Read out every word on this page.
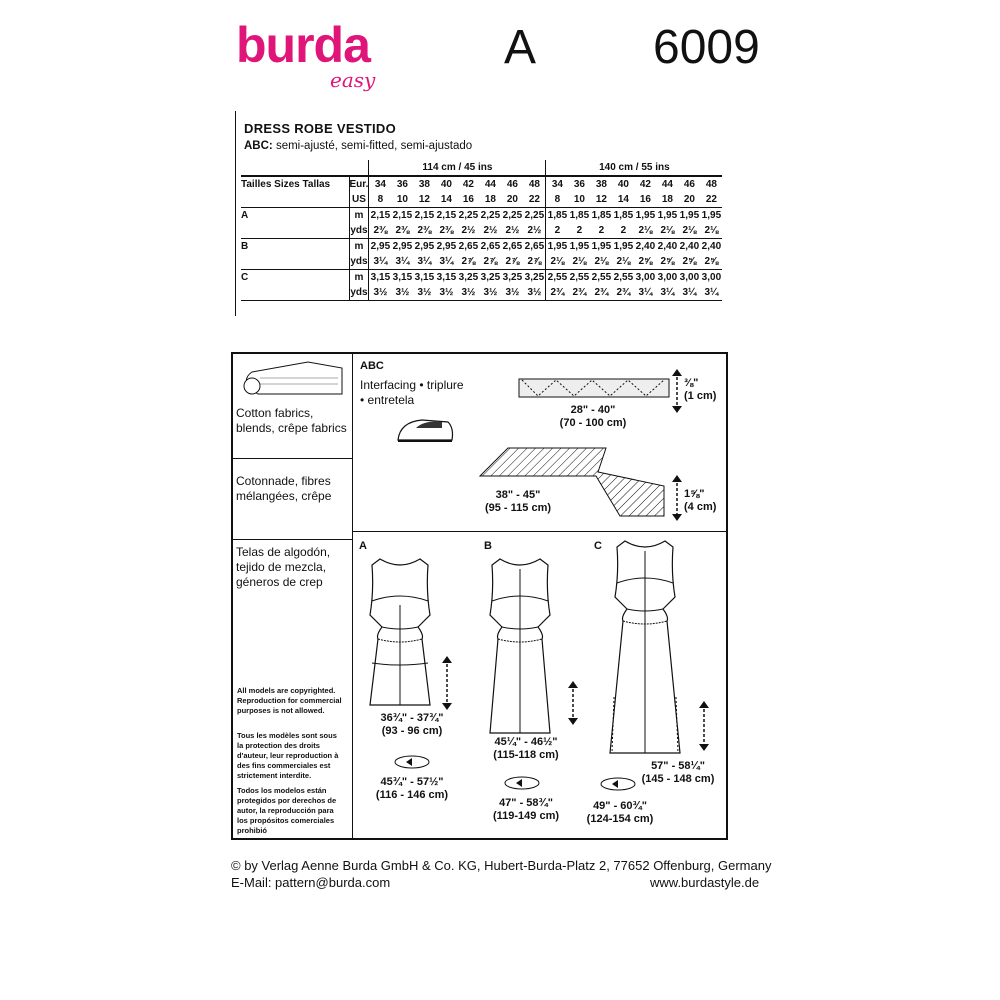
burda
easy
A 6009
DRESS ROBE VESTIDO
ABC: semi-ajusté, semi-fitted, semi-ajustado
		114 cm / 45 ins								140 cm / 55 ins							
Tailles Sizes Tallas	Eur.	34	36	38	40	42	44	46	48	34	36	38	40	42	44	46	48
	US	8	10	12	14	16	18	20	22	8	10	12	14	16	18	20	22
A	m	2,15	2,15	2,15	2,15	2,25	2,25	2,25	2,25	1,85	1,85	1,85	1,85	1,95	1,95	1,95	1,95
	yds	2⅜	2⅜	2⅜	2⅜	2½	2½	2½	2½	2	2	2	2	2⅛	2⅛	2⅛	2⅛
B	m	2,95	2,95	2,95	2,95	2,65	2,65	2,65	2,65	1,95	1,95	1,95	1,95	2,40	2,40	2,40	2,40
	yds	3¼	3¼	3¼	3¼	2⅞	2⅞	2⅞	2⅞	2⅛	2⅛	2⅛	2⅛	2⅝	2⅝	2⅝	2⅝
C	m	3,15	3,15	3,15	3,15	3,25	3,25	3,25	3,25	2,55	2,55	2,55	2,55	3,00	3,00	3,00	3,00
	yds	3½	3½	3½	3½	3½	3½	3½	3½	2¾	2¾	2¾	2¾	3¼	3¼	3¼	3¼
Cotton fabrics, blends, crêpe fabrics
Cotonnade, fibres mélangées, crêpe
Telas de algodón, tejido de mezcla, géneros de crep
All models are copyrighted. Reproduction for commercial purposes is not allowed.
Tous les modèles sont sous la protection des droits d'auteur, leur reproduction à des fins commerciales est strictement interdite.
Todos los modelos están protegidos por derechos de autor, la reproducción para los propósitos comerciales prohibió
ABC
Interfacing • triplure • entretela
28" - 40"
(70 - 100 cm)
⅜"
(1 cm)
38" - 45"
(95 - 115 cm)
1⅝"
(4 cm)
A	B	C
36¾" - 37¾"
(93 - 96 cm)
45¾" - 57½"
(116 - 146 cm)
45¼" - 46½"
(115-118 cm)
47" - 58¾"
(119-149 cm)
57" - 58¼"
(145 - 148 cm)
49" - 60¾"
(124-154 cm)
© by Verlag Aenne Burda GmbH & Co. KG, Hubert-Burda-Platz 2, 77652 Offenburg, Germany
E-Mail: pattern@burda.com	www.burdastyle.de
